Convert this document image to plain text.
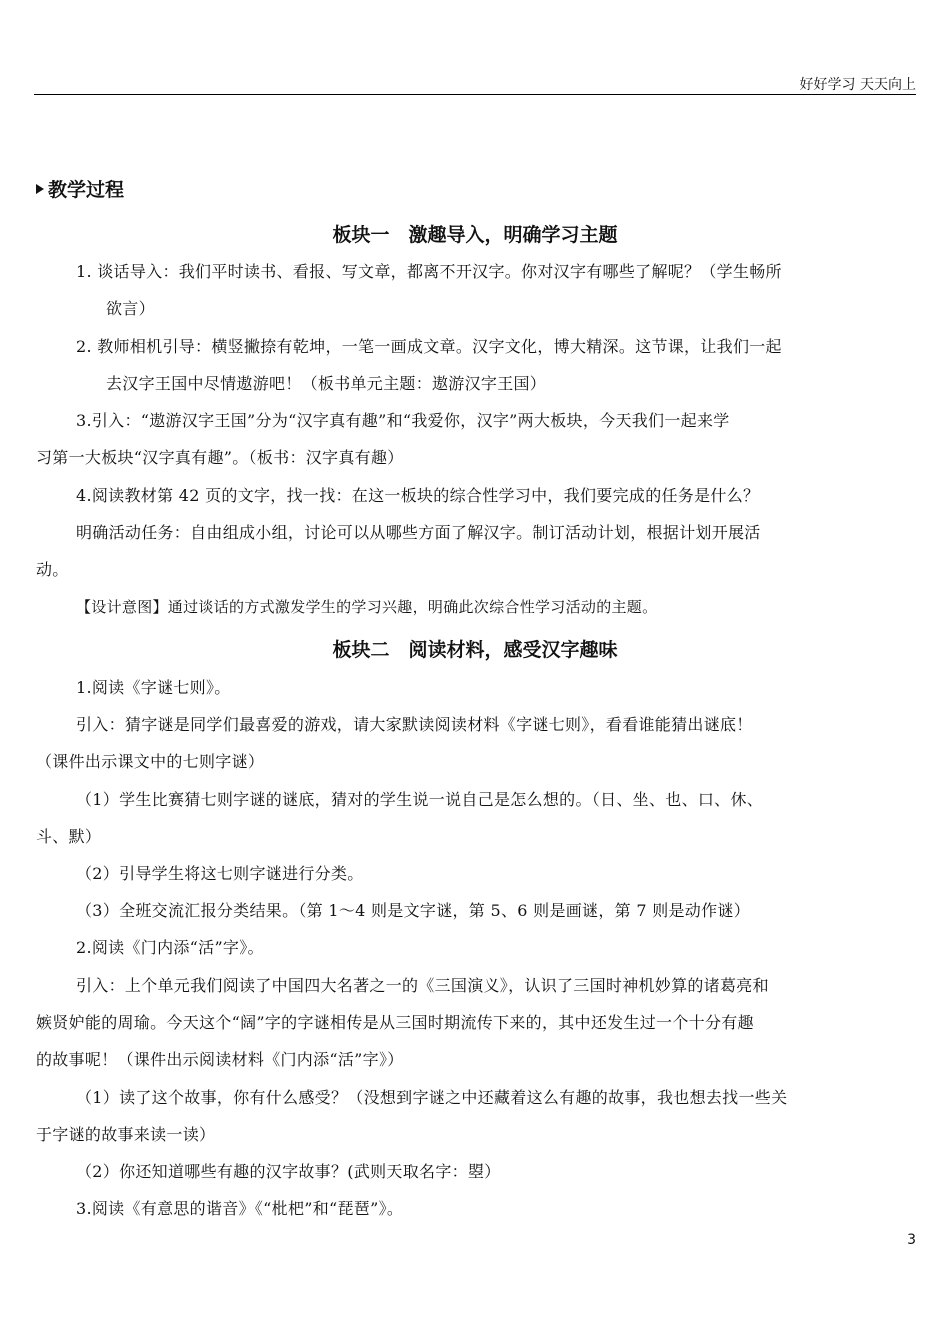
好好学习 天天向上
教学过程
板块一　激趣导入，明确学习主题
1. 谈话导入：我们平时读书、看报、写文章，都离不开汉字。你对汉字有哪些了解呢？（学生畅所
欲言）
2. 教师相机引导：横竖撇捺有乾坤，一笔一画成文章。汉字文化，博大精深。这节课，让我们一起
去汉字王国中尽情遨游吧！（板书单元主题：遨游汉字王国）
3.引入：“遨游汉字王国”分为“汉字真有趣”和“我爱你，汉字”两大板块，今天我们一起来学
习第一大板块“汉字真有趣”。（板书：汉字真有趣）
4.阅读教材第 42 页的文字，找一找：在这一板块的综合性学习中，我们要完成的任务是什么？
明确活动任务：自由组成小组，讨论可以从哪些方面了解汉字。制订活动计划，根据计划开展活
动。
【设计意图】通过谈话的方式激发学生的学习兴趣，明确此次综合性学习活动的主题。
板块二　阅读材料，感受汉字趣味
1.阅读《字谜七则》。
引入：猜字谜是同学们最喜爱的游戏，请大家默读阅读材料《字谜七则》，看看谁能猜出谜底！
（课件出示课文中的七则字谜）
（1）学生比赛猜七则字谜的谜底，猜对的学生说一说自己是怎么想的。（日、坐、也、口、休、
斗、默）
（2）引导学生将这七则字谜进行分类。
（3）全班交流汇报分类结果。（第 1～4 则是文字谜，第 5、6 则是画谜，第 7 则是动作谜）
2.阅读《门内添“活”字》。
引入：上个单元我们阅读了中国四大名著之一的《三国演义》，认识了三国时神机妙算的诸葛亮和
嫉贤妒能的周瑜。今天这个“阔”字的字谜相传是从三国时期流传下来的，其中还发生过一个十分有趣
的故事呢！（课件出示阅读材料《门内添“活”字》）
（1）读了这个故事，你有什么感受？（没想到字谜之中还藏着这么有趣的故事，我也想去找一些关
于字谜的故事来读一读）
（2）你还知道哪些有趣的汉字故事？(武则天取名字：曌）
3.阅读《有意思的谐音》《“枇杷”和“琵琶”》。
3
